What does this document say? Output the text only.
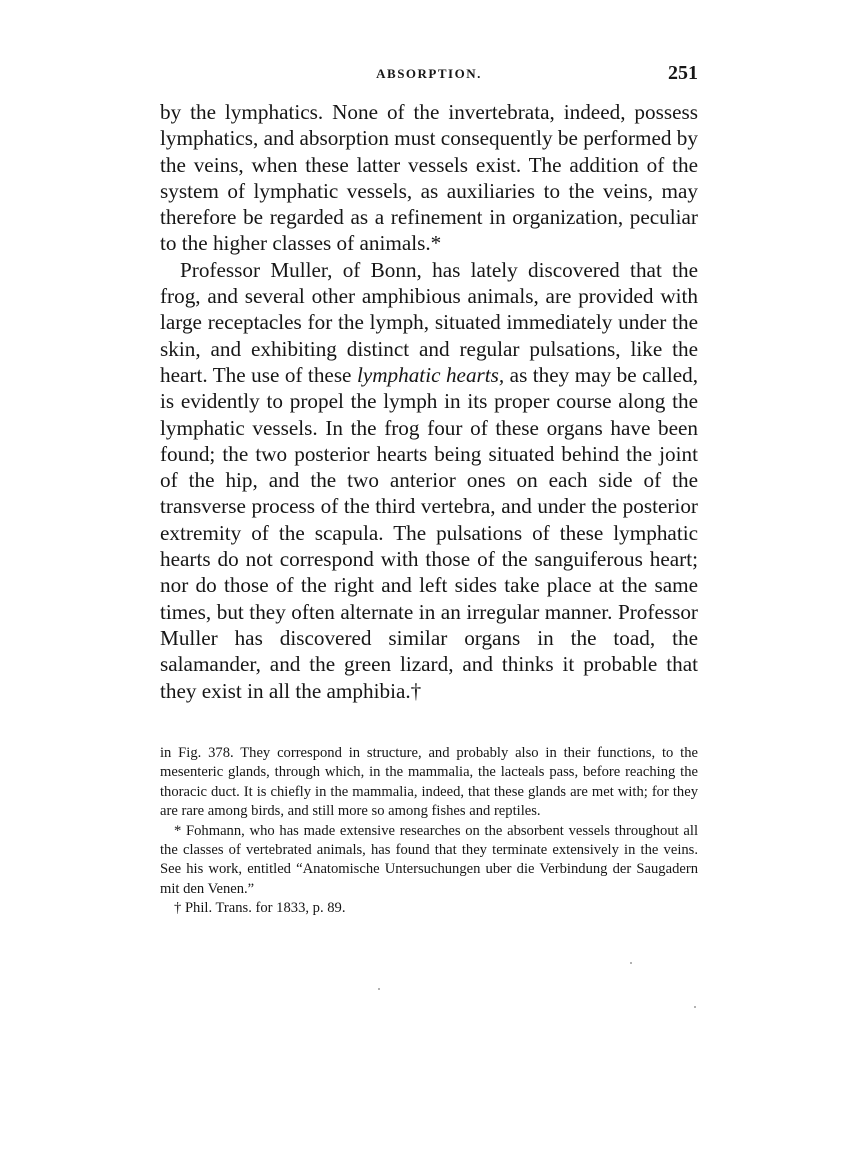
ABSORPTION.	251

by the lymphatics. None of the invertebrata, indeed, possess lymphatics, and absorption must consequently be performed by the veins, when these latter vessels exist. The addition of the system of lymphatic vessels, as auxiliaries to the veins, may therefore be regarded as a refinement in organization, peculiar to the higher classes of animals.*

Professor Muller, of Bonn, has lately discovered that the frog, and several other amphibious animals, are provided with large receptacles for the lymph, situated immediately under the skin, and exhibiting distinct and regular pulsations, like the heart. The use of these lymphatic hearts, as they may be called, is evidently to propel the lymph in its proper course along the lymphatic vessels. In the frog four of these organs have been found; the two posterior hearts being situated behind the joint of the hip, and the two anterior ones on each side of the transverse process of the third vertebra, and under the posterior extremity of the scapula. The pulsations of these lymphatic hearts do not correspond with those of the sanguiferous heart; nor do those of the right and left sides take place at the same times, but they often alternate in an irregular manner. Professor Muller has discovered similar organs in the toad, the salamander, and the green lizard, and thinks it probable that they exist in all the amphibia.†

in Fig. 378. They correspond in structure, and probably also in their functions, to the mesenteric glands, through which, in the mammalia, the lacteals pass, before reaching the thoracic duct. It is chiefly in the mammalia, indeed, that these glands are met with; for they are rare among birds, and still more so among fishes and reptiles.

* Fohmann, who has made extensive researches on the absorbent vessels throughout all the classes of vertebrated animals, has found that they terminate extensively in the veins. See his work, entitled “Anatomische Untersuchungen uber die Verbindung der Saugadern mit den Venen.”

† Phil. Trans. for 1833, p. 89.
